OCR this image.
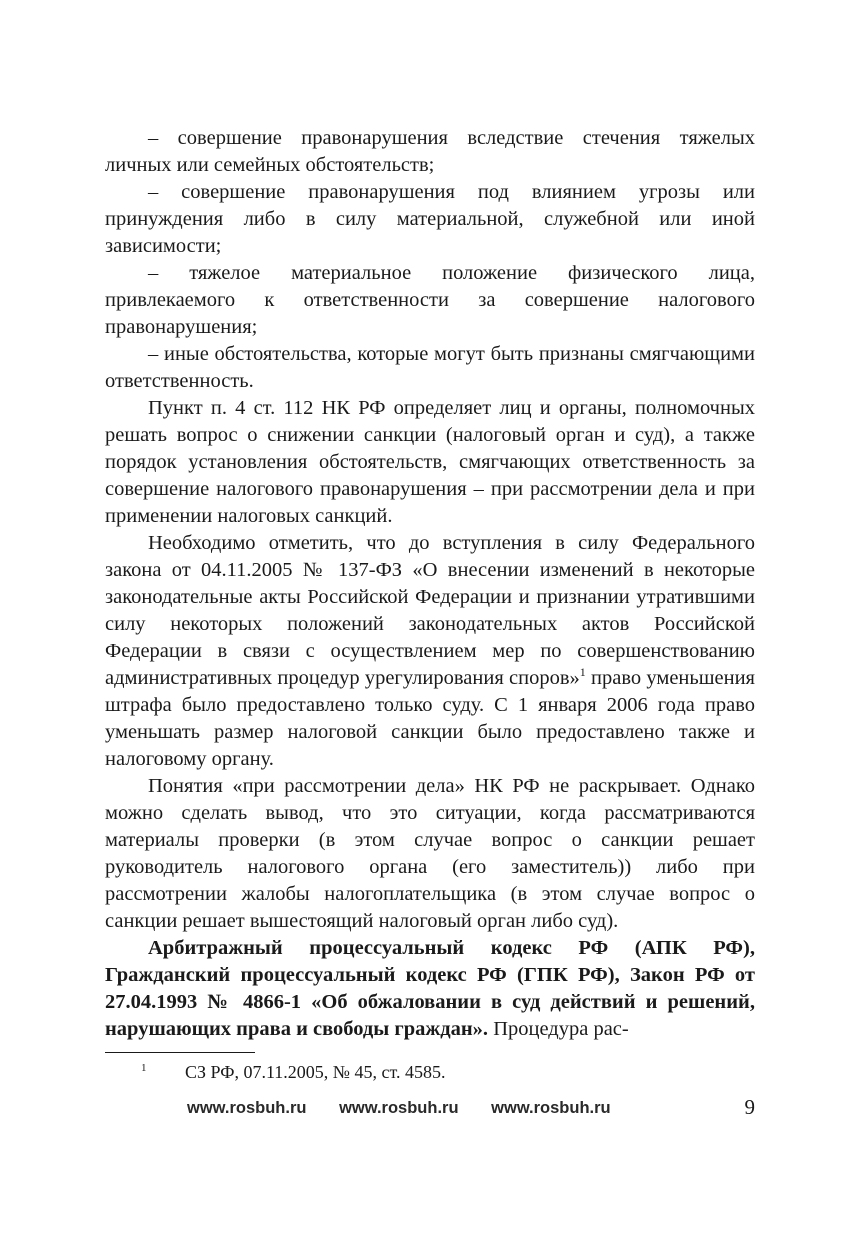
– совершение правонарушения вследствие стечения тяжелых личных или семейных обстоятельств;

– совершение правонарушения под влиянием угрозы или принуждения либо в силу материальной, служебной или иной зависимости;

– тяжелое материальное положение физического лица, привлекаемого к ответственности за совершение налогового правонарушения;

– иные обстоятельства, которые могут быть признаны смягчающими ответственность.

Пункт п. 4 ст. 112 НК РФ определяет лиц и органы, полномочных решать вопрос о снижении санкции (налоговый орган и суд), а также порядок установления обстоятельств, смягчающих ответственность за совершение налогового правонарушения – при рассмотрении дела и при применении налоговых санкций.

Необходимо отметить, что до вступления в силу Федерального закона от 04.11.2005 № 137-ФЗ «О внесении изменений в некоторые законодательные акты Российской Федерации и признании утратившими силу некоторых положений законодательных актов Российской Федерации в связи с осуществлением мер по совершенствованию административных процедур урегулирования споров»$^1$ право уменьшения штрафа было предоставлено только суду. С 1 января 2006 года право уменьшать размер налоговой санкции было предоставлено также и налоговому органу.

Понятия «при рассмотрении дела» НК РФ не раскрывает. Однако можно сделать вывод, что это ситуации, когда рассматриваются материалы проверки (в этом случае вопрос о санкции решает руководитель налогового органа (его заместитель)) либо при рассмотрении жалобы налогоплательщика (в этом случае вопрос о санкции решает вышестоящий налоговый орган либо суд).

Арбитражный процессуальный кодекс РФ (АПК РФ), Гражданский процессуальный кодекс РФ (ГПК РФ), Закон РФ от 27.04.1993 № 4866-1 «Об обжаловании в суд действий и решений, нарушающих права и свободы граждан». Процедура рас-

1 СЗ РФ, 07.11.2005, № 45, ст. 4585.
www.rosbuh.ru www.rosbuh.ru www.rosbuh.ru	9
